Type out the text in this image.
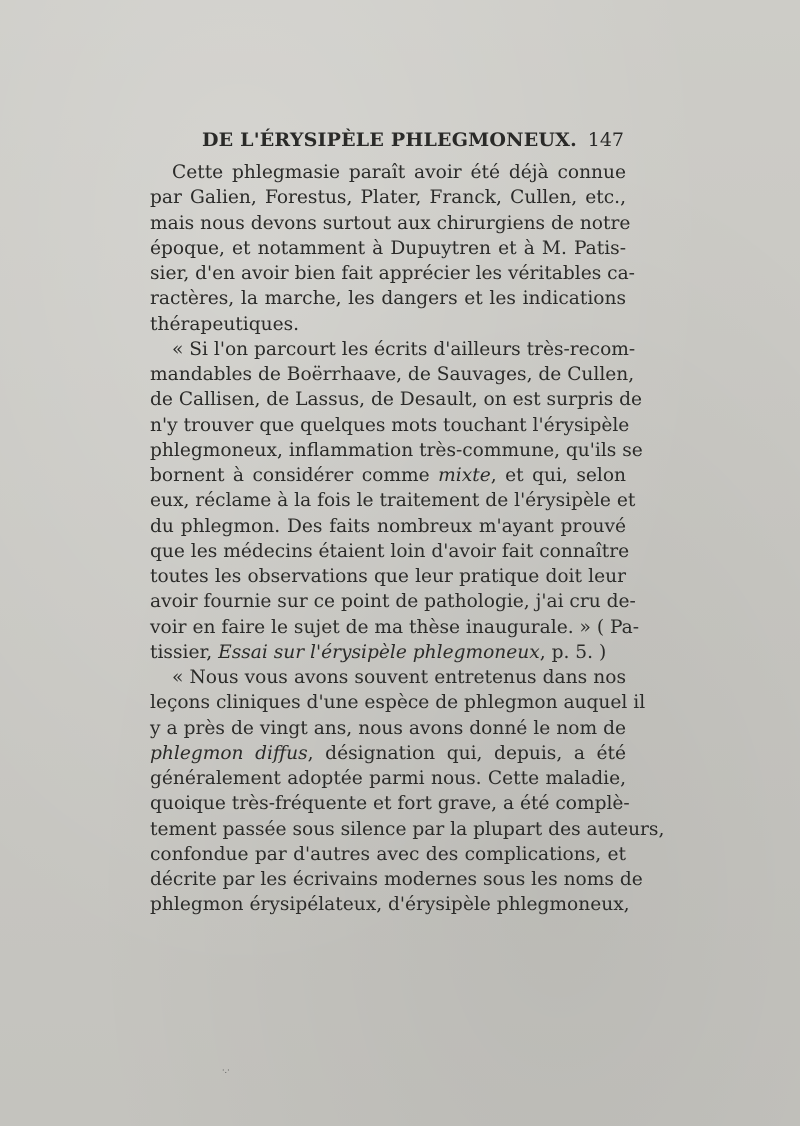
DE L'ÉRYSIPÈLE PHLEGMONEUX. 147
Cette phlegmasie paraît avoir été déjà connue
par Galien, Forestus, Plater, Franck, Cullen, etc.,
mais nous devons surtout aux chirurgiens de notre
époque, et notamment à Dupuytren et à M. Patis-
sier, d'en avoir bien fait apprécier les véritables ca-
ractères, la marche, les dangers et les indications
thérapeutiques.
« Si l'on parcourt les écrits d'ailleurs très-recom-
mandables de Boërrhaave, de Sauvages, de Cullen,
de Callisen, de Lassus, de Desault, on est surpris de
n'y trouver que quelques mots touchant l'érysipèle
phlegmoneux, inflammation très-commune, qu'ils se
bornent à considérer comme mixte, et qui, selon
eux, réclame à la fois le traitement de l'érysipèle et
du phlegmon. Des faits nombreux m'ayant prouvé
que les médecins étaient loin d'avoir fait connaître
toutes les observations que leur pratique doit leur
avoir fournie sur ce point de pathologie, j'ai cru de-
voir en faire le sujet de ma thèse inaugurale. » ( Pa-
tissier, Essai sur l'érysipèle phlegmoneux, p. 5. )
« Nous vous avons souvent entretenus dans nos
leçons cliniques d'une espèce de phlegmon auquel il
y a près de vingt ans, nous avons donné le nom de
phlegmon diffus, désignation qui, depuis, a été
généralement adoptée parmi nous. Cette maladie,
quoique très-fréquente et fort grave, a été complè-
tement passée sous silence par la plupart des auteurs,
confondue par d'autres avec des complications, et
décrite par les écrivains modernes sous les noms de
phlegmon érysipélateux, d'érysipèle phlegmoneux,
·.·
